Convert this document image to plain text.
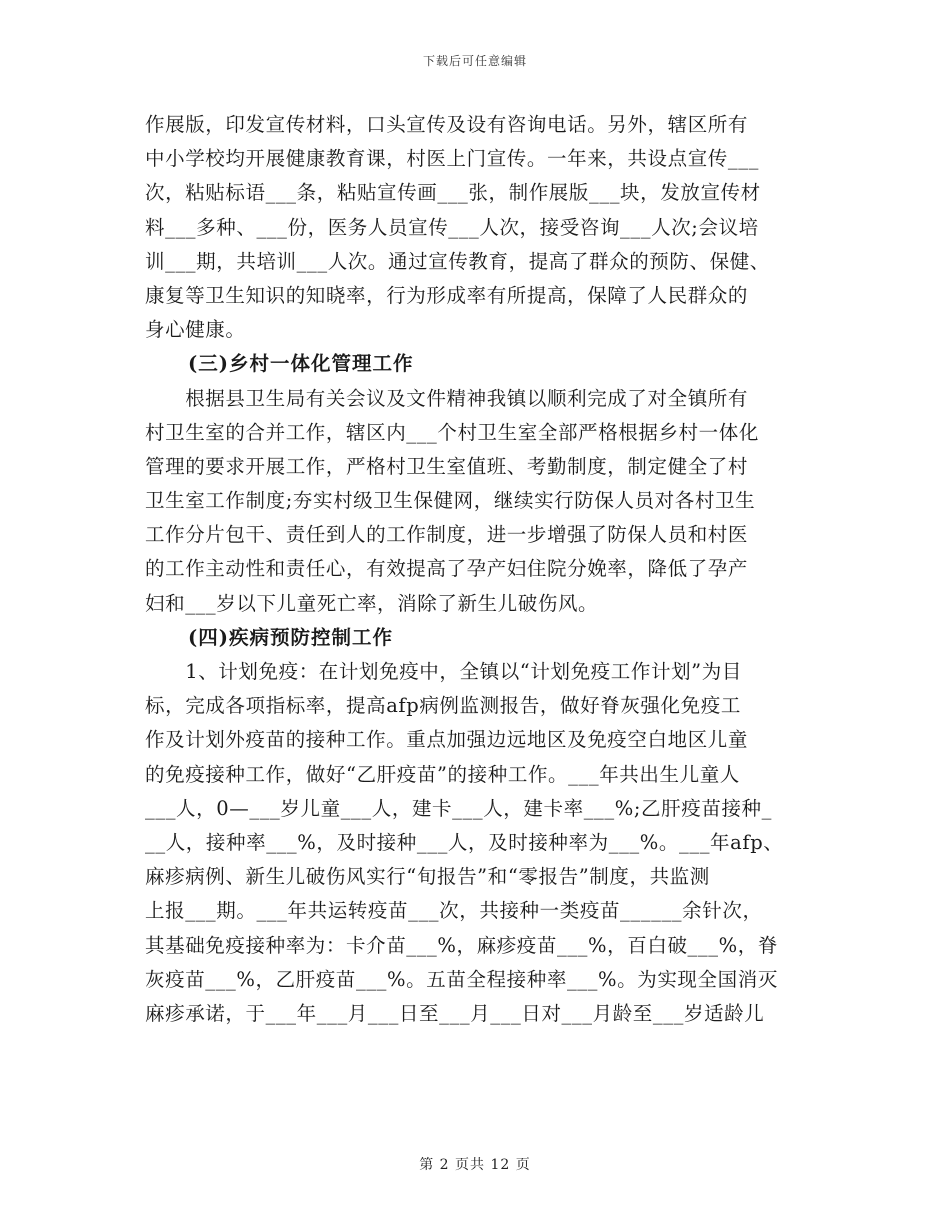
下载后可任意编辑
作展版，印发宣传材料，口头宣传及设有咨询电话。另外，辖区所有
中小学校均开展健康教育课，村医上门宣传。一年来，共设点宣传___
次，粘贴标语___条，粘贴宣传画___张，制作展版___块，发放宣传材
料___多种、___份，医务人员宣传___人次，接受咨询___人次;会议培
训___期，共培训___人次。通过宣传教育，提高了群众的预防、保健、
康复等卫生知识的知晓率，行为形成率有所提高，保障了人民群众的
身心健康。
(三)乡村一体化管理工作
　　根据县卫生局有关会议及文件精神我镇以顺利完成了对全镇所有
村卫生室的合并工作，辖区内___个村卫生室全部严格根据乡村一体化
管理的要求开展工作，严格村卫生室值班、考勤制度，制定健全了村
卫生室工作制度;夯实村级卫生保健网，继续实行防保人员对各村卫生
工作分片包干、责任到人的工作制度，进一步增强了防保人员和村医
的工作主动性和责任心，有效提高了孕产妇住院分娩率，降低了孕产
妇和___岁以下儿童死亡率，消除了新生儿破伤风。
(四)疾病预防控制工作
　　1、计划免疫：在计划免疫中，全镇以“计划免疫工作计划”为目
标，完成各项指标率，提高afp病例监测报告，做好脊灰强化免疫工
作及计划外疫苗的接种工作。重点加强边远地区及免疫空白地区儿童
的免疫接种工作，做好“乙肝疫苗”的接种工作。___年共出生儿童人
___人，0—___岁儿童___人，建卡___人，建卡率___%;乙肝疫苗接种_
__人，接种率___%，及时接种___人，及时接种率为___%。___年afp、
麻疹病例、新生儿破伤风实行“旬报告”和“零报告”制度，共监测
上报___期。___年共运转疫苗___次，共接种一类疫苗______余针次，
其基础免疫接种率为：卡介苗___%，麻疹疫苗___%，百白破___%，脊
灰疫苗___%，乙肝疫苗___%。五苗全程接种率___%。为实现全国消灭
麻疹承诺，于___年___月___日至___月___日对___月龄至___岁适龄儿
第 2 页共 12 页
